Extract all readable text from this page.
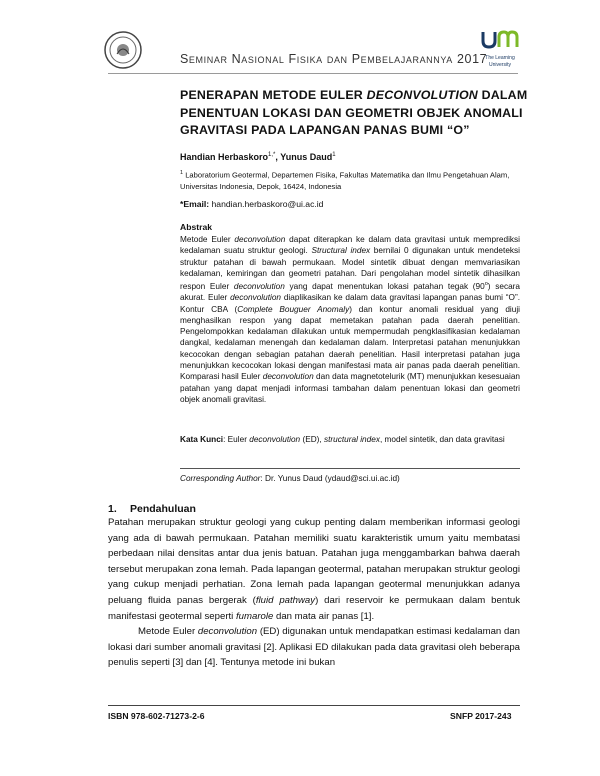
Seminar Nasional Fisika dan Pembelajarannya 2017
The Learning
University
PENERAPAN METODE EULER DECONVOLUTION DALAM PENENTUAN LOKASI DAN GEOMETRI OBJEK ANOMALI GRAVITASI PADA LAPANGAN PANAS BUMI “O”
Handian Herbaskoro$^{1,*}$, Yunus Daud$^1$
$^1$ Laboratorium Geotermal, Departemen Fisika, Fakultas Matematika dan Ilmu Pengetahuan Alam, Universitas Indonesia, Depok, 16424, Indonesia
*Email: handian.herbaskoro@ui.ac.id
Abstrak

Metode Euler deconvolution dapat diterapkan ke dalam data gravitasi untuk memprediksi kedalaman suatu struktur geologi. Structural index bernilai 0 digunakan untuk mendeteksi struktur patahan di bawah permukaan. Model sintetik dibuat dengan memvariasikan kedalaman, kemiringan dan geometri patahan. Dari pengolahan model sintetik dihasilkan respon Euler deconvolution yang dapat menentukan lokasi patahan tegak (90$^o$) secara akurat. Euler deconvolution diaplikasikan ke dalam data gravitasi lapangan panas bumi “O”. Kontur CBA (Complete Bouguer Anomaly) dan kontur anomali residual yang diuji menghasilkan respon yang dapat memetakan patahan pada daerah penelitian. Pengelompokkan kedalaman dilakukan untuk mempermudah pengklasifikasian kedalaman dangkal, kedalaman menengah dan kedalaman dalam. Interpretasi patahan menunjukkan kecocokan dengan sebagian patahan daerah penelitian. Hasil interpretasi patahan juga menunjukkan kecocokan lokasi dengan manifestasi mata air panas pada daerah penelitian. Komparasi hasil Euler deconvolution dan data magnetotelurik (MT) menunjukkan kesesuaian patahan yang dapat menjadi informasi tambahan dalam penentuan lokasi dan geometri objek anomali gravitasi.

Kata Kunci: Euler deconvolution (ED), structural index, model sintetik, dan data gravitasi
Corresponding Author: Dr. Yunus Daud (ydaud@sci.ui.ac.id)
1. Pendahuluan

Patahan merupakan struktur geologi yang cukup penting dalam memberikan informasi geologi yang ada di bawah permukaan. Patahan memiliki suatu karakteristik umum yaitu membatasi perbedaan nilai densitas antar dua jenis batuan. Patahan juga menggambarkan bahwa daerah tersebut merupakan zona lemah. Pada lapangan geotermal, patahan merupakan struktur geologi yang cukup menjadi perhatian. Zona lemah pada lapangan geotermal menunjukkan adanya peluang fluida panas bergerak (fluid pathway) dari reservoir ke permukaan dalam bentuk manifestasi geotermal seperti fumarole dan mata air panas [1].

Metode Euler deconvolution (ED) digunakan untuk mendapatkan estimasi kedalaman dan lokasi dari sumber anomali gravitasi [2]. Aplikasi ED dilakukan pada data gravitasi oleh beberapa penulis seperti [3] dan [4]. Tentunya metode ini bukan

ISBN 978-602-71273-2-6	SNFP 2017-243
